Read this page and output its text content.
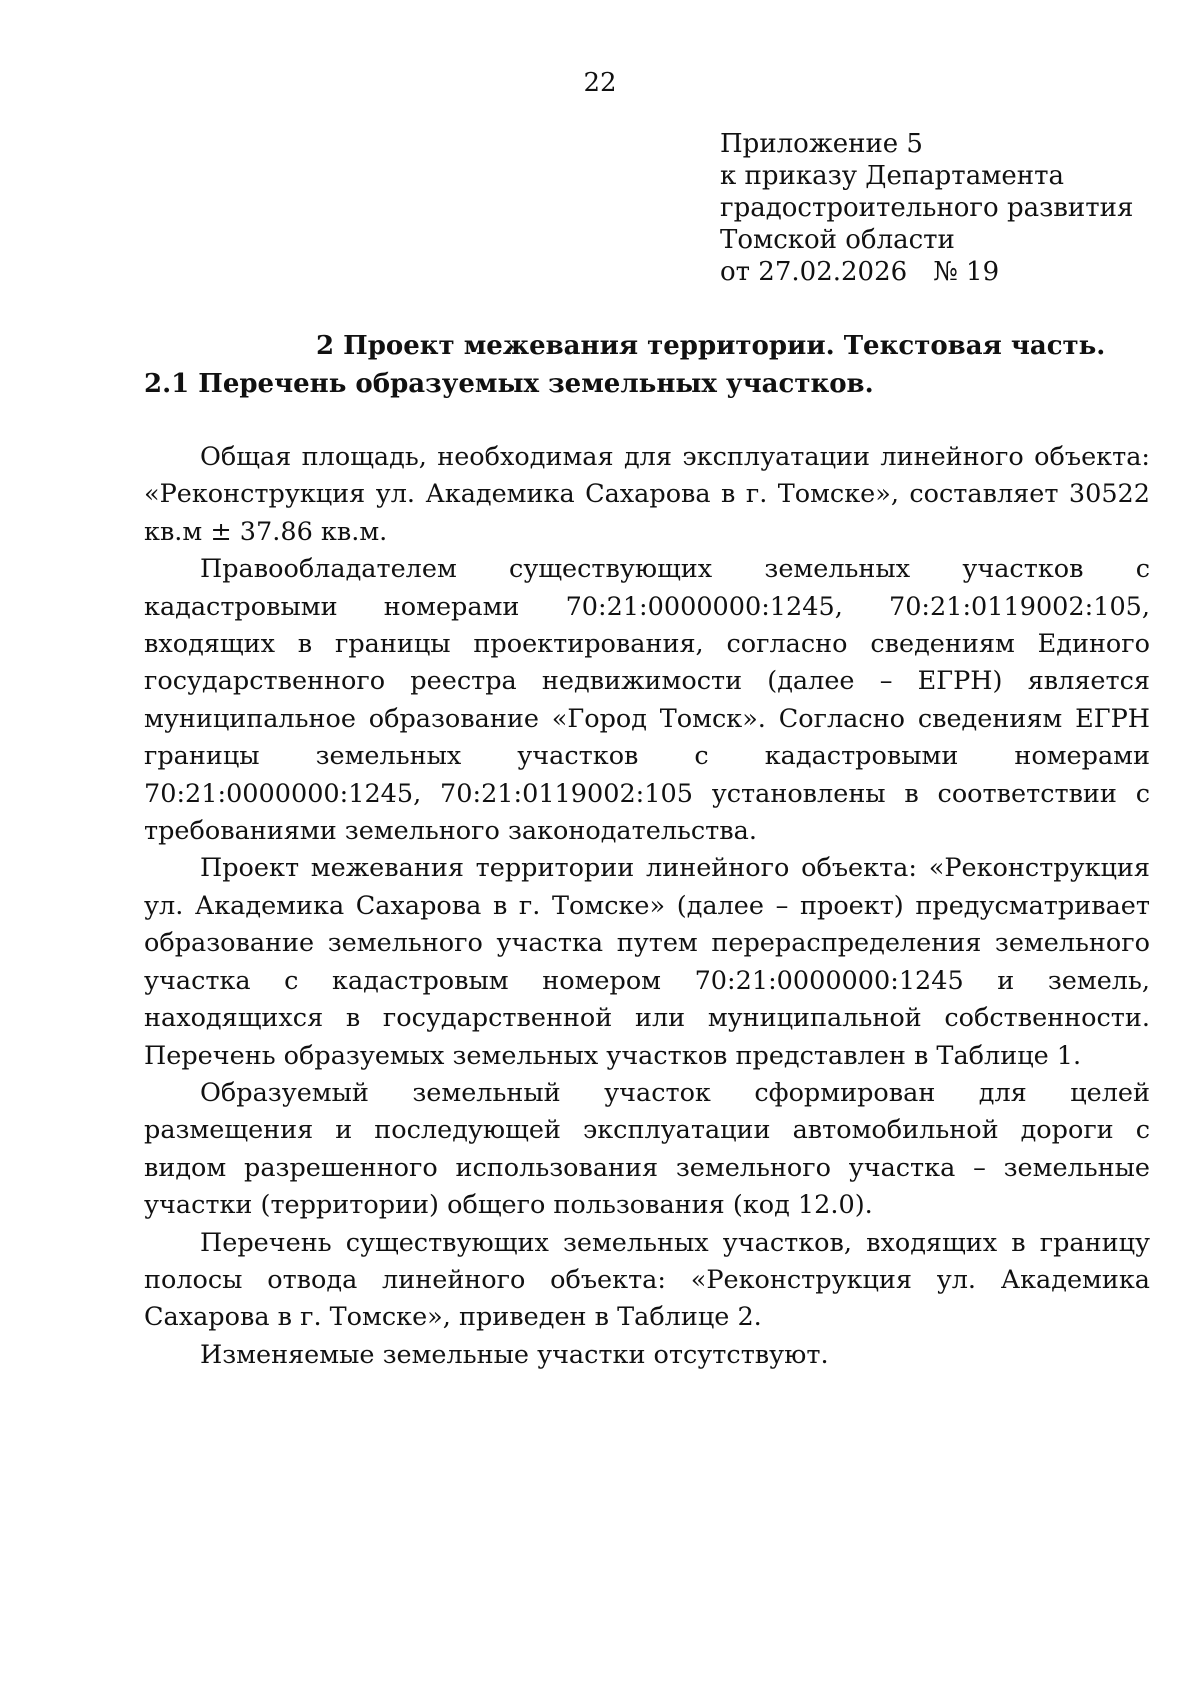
22
Приложение 5
к приказу Департамента
градостроительного развития
Томской области
от 27.02.2026 № 19
2 Проект межевания территории. Текстовая часть.
2.1 Перечень образуемых земельных участков.

Общая площадь, необходимая для эксплуатации линейного объекта: «Реконструкция ул. Академика Сахарова в г. Томске», составляет 30522 кв.м ± 37.86 кв.м.

Правообладателем существующих земельных участков с кадастровыми номерами 70:21:0000000:1245, 70:21:0119002:105, входящих в границы проектирования, согласно сведениям Единого государственного реестра недвижимости (далее – ЕГРН) является муниципальное образование «Город Томск». Согласно сведениям ЕГРН границы земельных участков с кадастровыми номерами 70:21:0000000:1245, 70:21:0119002:105 установлены в соответствии с требованиями земельного законодательства.

Проект межевания территории линейного объекта: «Реконструкция ул. Академика Сахарова в г. Томске» (далее – проект) предусматривает образование земельного участка путем перераспределения земельного участка с кадастровым номером 70:21:0000000:1245 и земель, находящихся в государственной или муниципальной собственности. Перечень образуемых земельных участков представлен в Таблице 1.

Образуемый земельный участок сформирован для целей размещения и последующей эксплуатации автомобильной дороги с видом разрешенного использования земельного участка – земельные участки (территории) общего пользования (код 12.0).

Перечень существующих земельных участков, входящих в границу полосы отвода линейного объекта: «Реконструкция ул. Академика Сахарова в г. Томске», приведен в Таблице 2.

Изменяемые земельные участки отсутствуют.
